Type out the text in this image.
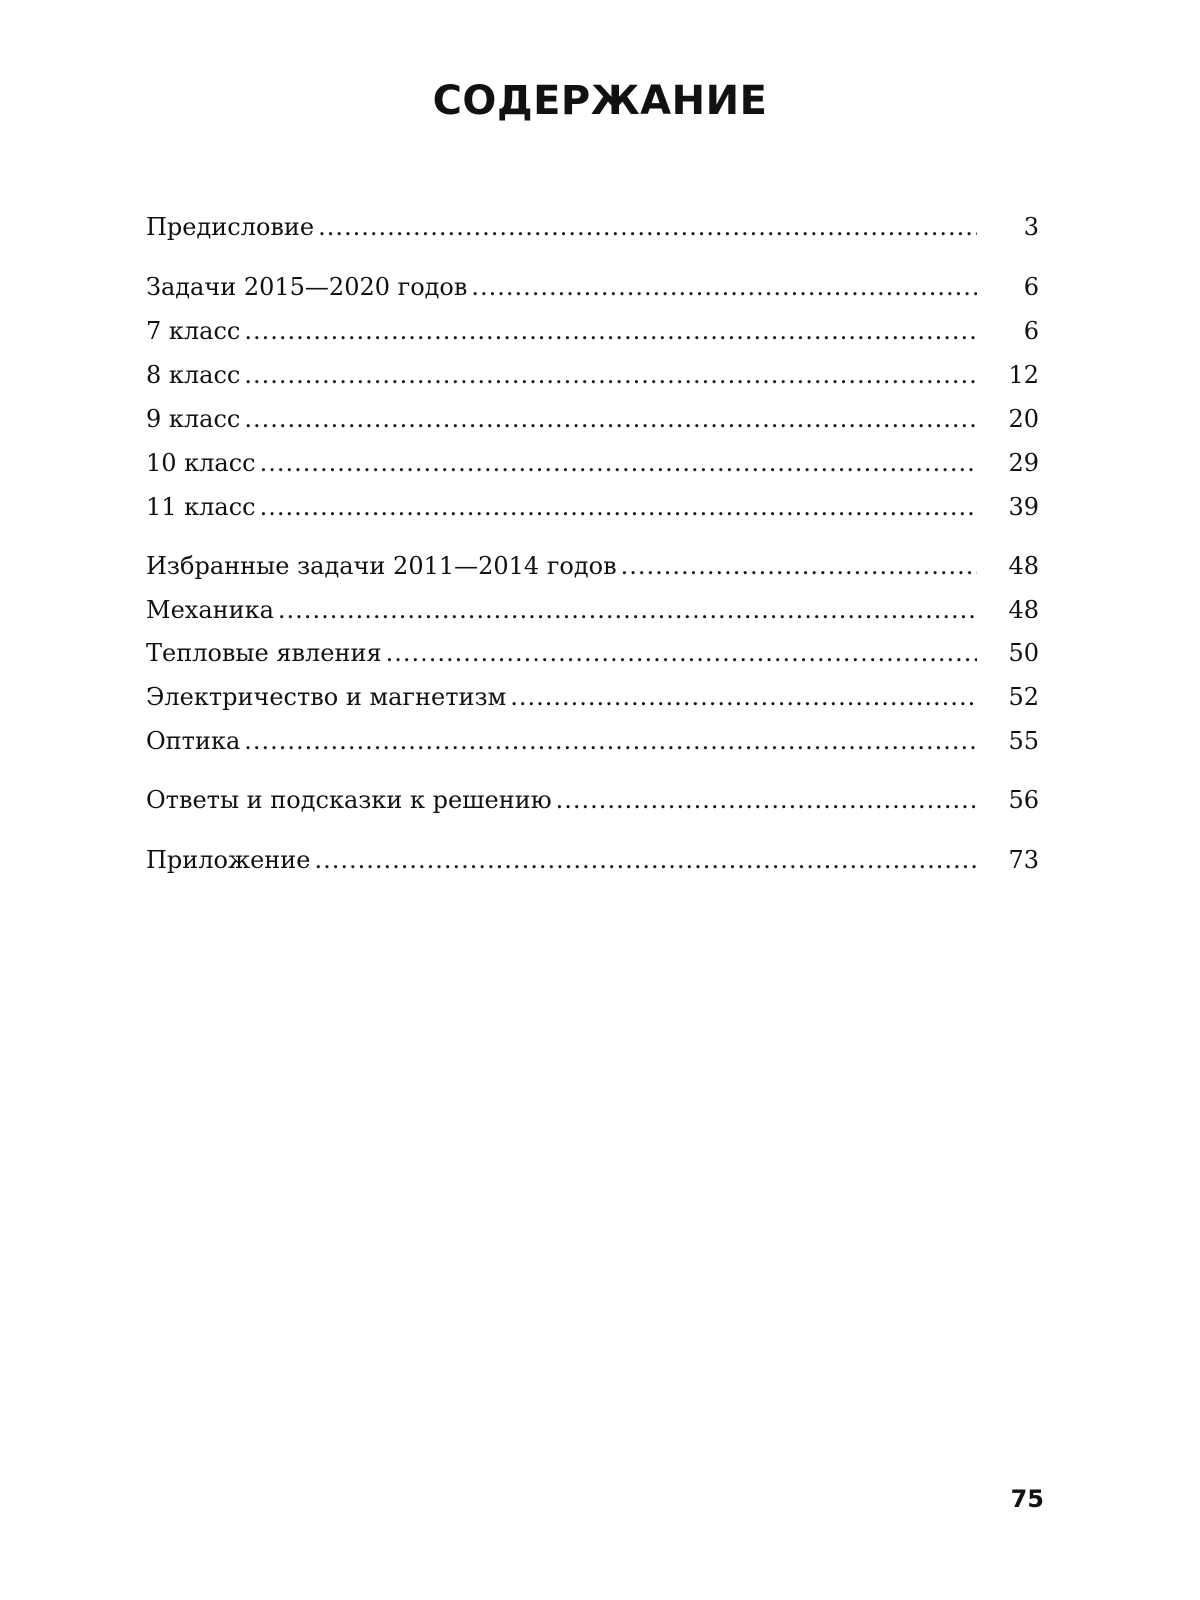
СОДЕРЖАНИЕ
Предисловие .....	3
Задачи 2015—2020 годов .....	6
7 класс .....	6
8 класс .....	12
9 класс .....	20
10 класс .....	29
11 класс .....	39
Избранные задачи 2011—2014 годов .....	48
Механика .....	48
Тепловые явления .....	50
Электричество и магнетизм .....	52
Оптика .....	55
Ответы и подсказки к решению .....	56
Приложение .....	73
75
